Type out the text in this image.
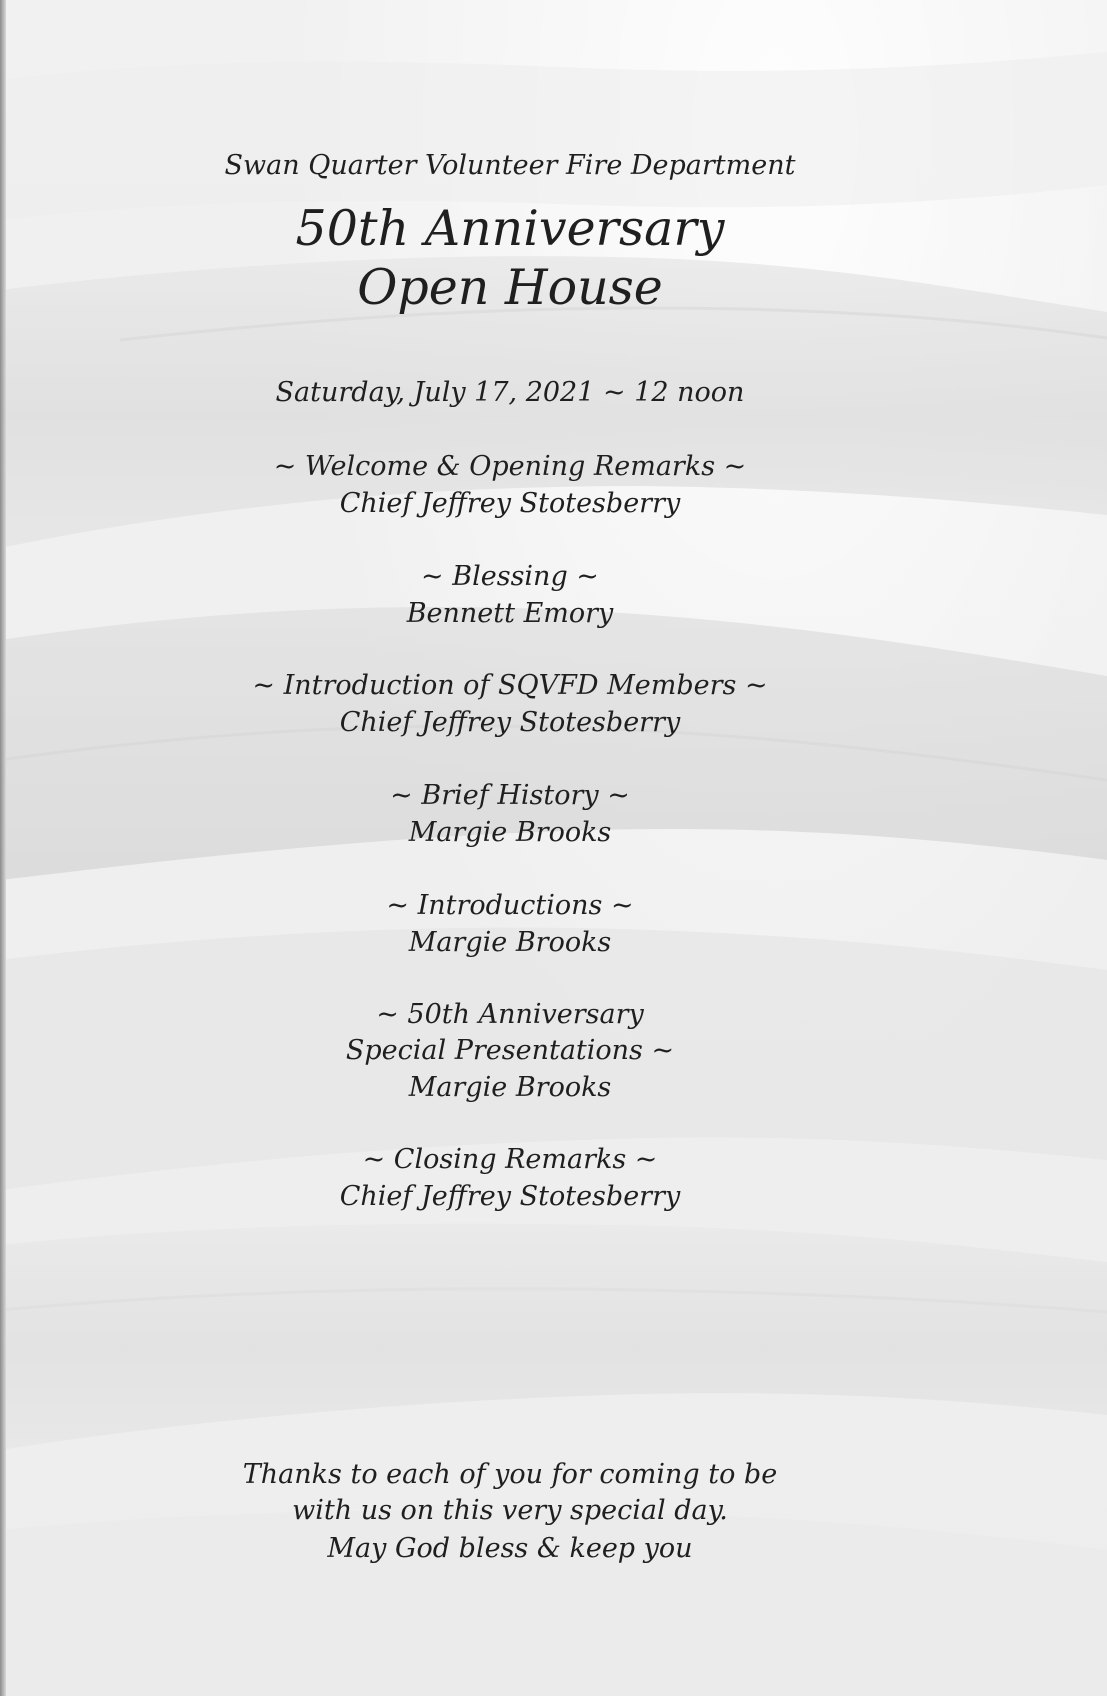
Swan Quarter Volunteer Fire Department
50th Anniversary
Open House
Saturday, July 17, 2021 ~ 12 noon
~ Welcome & Opening Remarks ~
Chief Jeffrey Stotesberry
~ Blessing ~
Bennett Emory
~ Introduction of SQVFD Members ~
Chief Jeffrey Stotesberry
~ Brief History ~
Margie Brooks
~ Introductions ~
Margie Brooks
~ 50th Anniversary
Special Presentations ~
Margie Brooks
~ Closing Remarks ~
Chief Jeffrey Stotesberry
Thanks to each of you for coming to be
with us on this very special day.
May God bless & keep you
